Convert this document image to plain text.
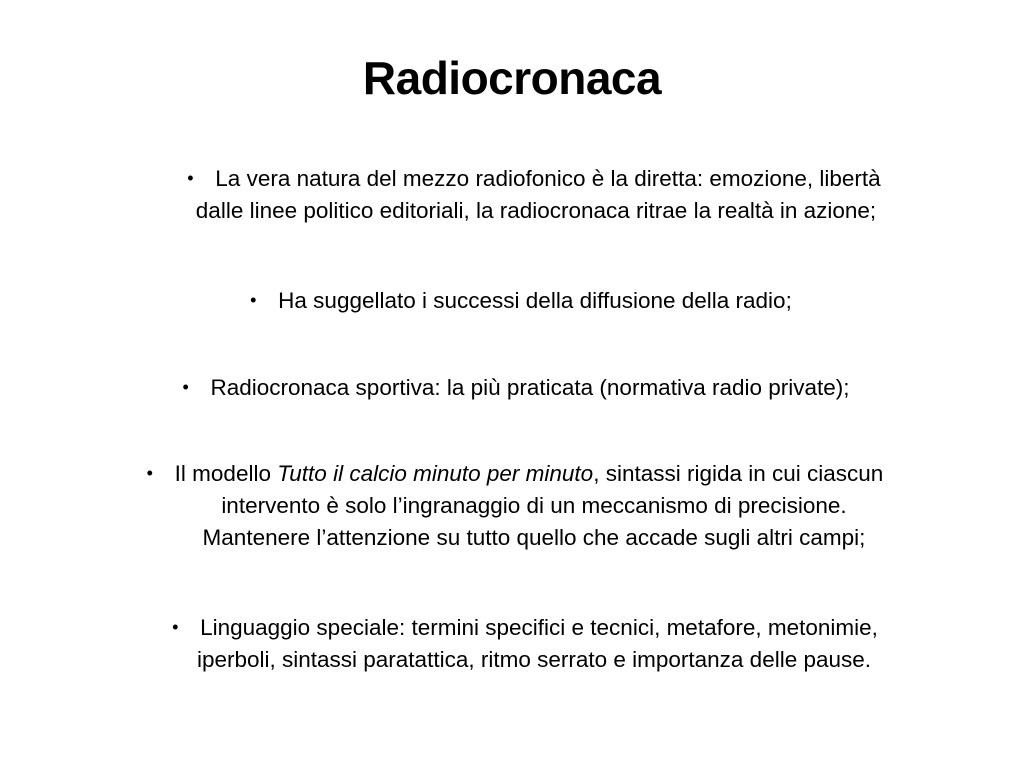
Radiocronaca
• La vera natura del mezzo radiofonico è la diretta: emozione, libertà
dalle linee politico editoriali, la radiocronaca ritrae la realtà in azione;
• Ha suggellato i successi della diffusione della radio;
• Radiocronaca sportiva: la più praticata (normativa radio private);
• Il modello Tutto il calcio minuto per minuto, sintassi rigida in cui ciascun
intervento è solo l’ingranaggio di un meccanismo di precisione.
Mantenere l’attenzione su tutto quello che accade sugli altri campi;
• Linguaggio speciale: termini specifici e tecnici, metafore, metonimie,
iperboli, sintassi paratattica, ritmo serrato e importanza delle pause.
